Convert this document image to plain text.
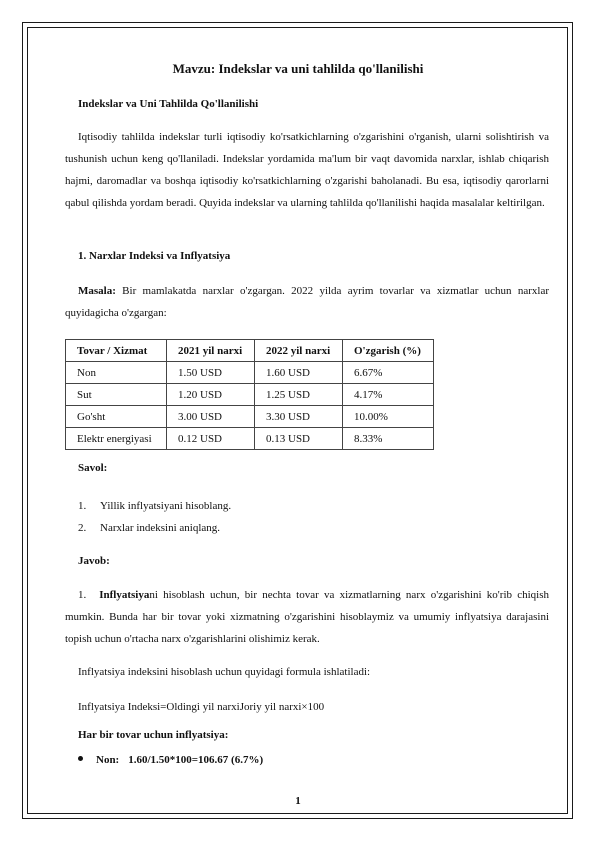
Mavzu: Indekslar va uni tahlilda qo'llanilishi

Indekslar va Uni Tahlilda Qo'llanilishi

Iqtisodiy tahlilda indekslar turli iqtisodiy ko'rsatkichlarning o'zgarishini o'rganish, ularni solishtirish va tushunish uchun keng qo'llaniladi. Indekslar yordamida ma'lum bir vaqt davomida narxlar, ishlab chiqarish hajmi, daromadlar va boshqa iqtisodiy ko'rsatkichlarning o'zgarishi baholanadi. Bu esa, iqtisodiy qarorlarni qabul qilishda yordam beradi. Quyida indekslar va ularning tahlilda qo'llanilishi haqida masalalar keltirilgan.

1. Narxlar Indeksi va Inflyatsiya

Masala: Bir mamlakatda narxlar o'zgargan. 2022 yilda ayrim tovarlar va xizmatlar uchun narxlar quyidagicha o'zgargan:

Tovar / Xizmat	2021 yil narxi	2022 yil narxi	O'zgarish (%)
Non	1.50 USD	1.60 USD	6.67%
Sut	1.20 USD	1.25 USD	4.17%
Go'sht	3.00 USD	3.30 USD	10.00%
Elektr energiyasi	0.12 USD	0.13 USD	8.33%

Savol:

1. Yillik inflyatsiyani hisoblang.
2. Narxlar indeksini aniqlang.

Javob:

1. Inflyatsiyani hisoblash uchun, bir nechta tovar va xizmatlarning narx o'zgarishini ko'rib chiqish mumkin. Bunda har bir tovar yoki xizmatning o'zgarishini hisoblaymiz va umumiy inflyatsiya darajasini topish uchun o'rtacha narx o'zgarishlarini olishimiz kerak.

Inflyatsiya indeksini hisoblash uchun quyidagi formula ishlatiladi:

Inflyatsiya Indeksi=Oldingi yil narxiJoriy yil narxi×100

Har bir tovar uchun inflyatsiya:

Non: 1.60/1.50*100=106.67 (6.7%)
1
